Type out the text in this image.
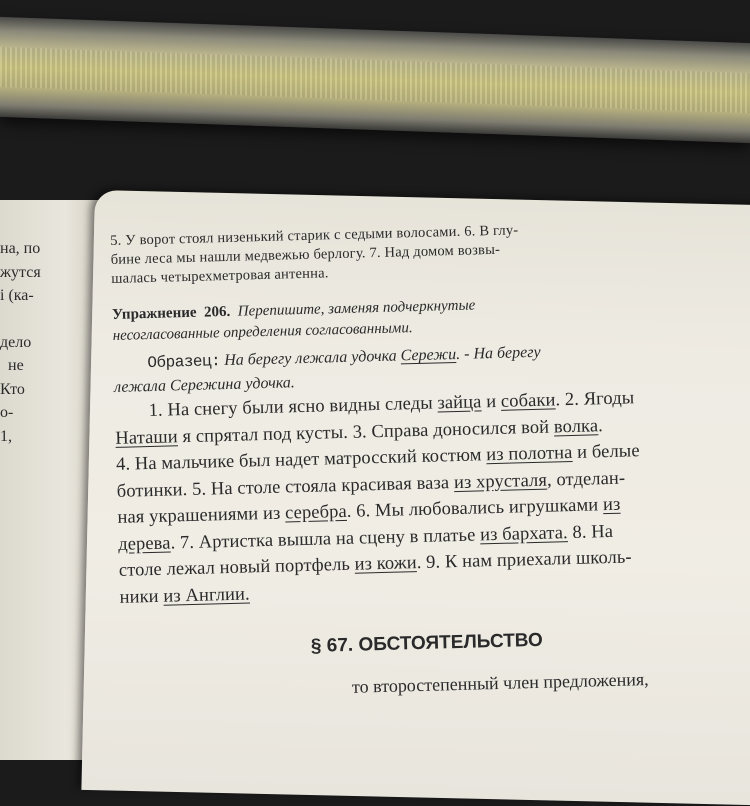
на, по
жутся
і (ка-
дело
не
Кто
о-
1,
5. У ворот стоял низенький старик с седыми волосами. 6. В глу-
бине леса мы нашли медвежью берлогу. 7. Над домом возвы-
шалась четырехметровая антенна.
Упражнение 206. Перепишите, заменяя подчеркнутые
несогласованные определения согласованными.
Образец: На берегу лежала удочка Сережи. - На берегу
лежала Сережина удочка.
1. На снегу были ясно видны следы зайца и собаки. 2. Ягоды
Наташи я спрятал под кусты. 3. Справа доносился вой волка.
4. На мальчике был надет матросский костюм из полотна и белые
ботинки. 5. На столе стояла красивая ваза из хрусталя, отделан-
ная украшениями из серебра. 6. Мы любовались игрушками из
дерева. 7. Артистка вышла на сцену в платье из бархата. 8. На
столе лежал новый портфель из кожи. 9. К нам приехали школь-
ники из Англии.
§ 67. ОБСТОЯТЕЛЬСТВО
то второстепенный член предложения,
